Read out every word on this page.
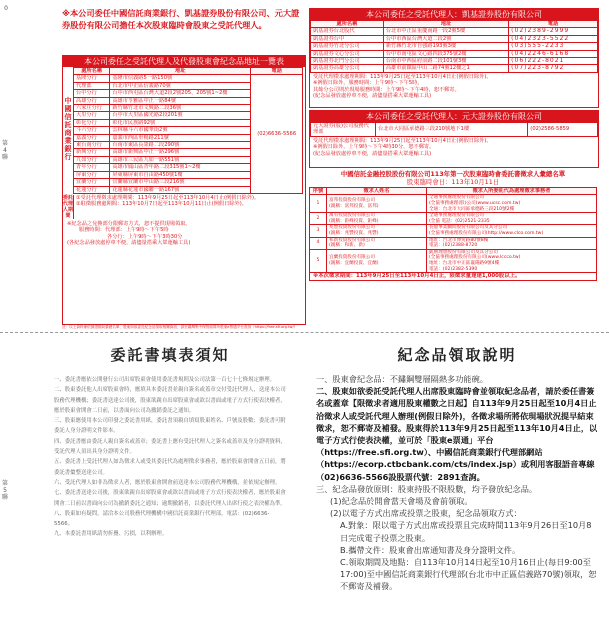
0
第4聯
※本公司委任中國信託商業銀行、凱基證券股份有限公司、元大證券股份有限公司擔任本次股東臨時會股東之受託代理人。
本公司委任之受託代理人及代發股東會紀念品地址一覽表
中國信託商業銀行
處所名稱	地址	電話
基隆分行	基隆市信義路5一路150號	(02)6636-5566
代理部	台北市中正區信義路70號	
台中分行	台中市西屯區台灣大道2段2號205、205號1~2樓	
高雄分行	高雄市苓雅區中正一路84號	
六家庄分行	新竹縣竹北市文興路二段36號	
大里分行	台中市大里區國光路2段201號	
彰化分行	彰化市民族路92號	
斗六分行	雲林縣斗六市國華街2號	
嘉義分行	嘉義市西區垂楊路211號	
東台南分行	台南市東區長榮路二段290號	
新興分行	高雄市新興區中正一路296號	
九如分行	高雄市三民區九如一路551號	
青年分行	高雄市鳳山區青年路二段315號1~2樓	
屏東分行	屏東縣屏東市自由路450號1樓	
宜蘭分行	宜蘭縣宜蘭市中山路三段216號	
花蓮分行	花蓮縣花蓮市國聯一路167號	
委託代理人期間
①受託代理徵求處理期間：113年9月25日起至113年10月4日止(例假日除外)。
②駐徵服務處期間：113年10月7日起至113年10月11日止(例假日除外)。
※紀念品之兌換部分限郵寄方式，恕不提供現場領取。
服務時間：代理部：上午9時～下午5時
各分行：上午9時～下午3時30分
(各紀念品發放處停車不便，請儘量搭乘大眾運輸工具)
本公司委任之受託代理人：凱基證券股份有限公司
處所名稱	地址	電話
凱基證券台北股代	台北市中正區重慶南路一段2號5樓	(02)2389-2999
凱基證券台中	台中市西區台灣大道二段2號	(04)2323-5522
凱基證券竹北分公司	新竹縣竹北市自強路193號3樓	(03)555-2233
凱基證券文心分公司	台中市南屯區文心路四段375號2樓	(04)2246-6168
凱基證券北門分公司	台南市中西區府前路二段101號3樓	(06)222-8021
凱基證券高雄分公司	高雄市前鎮區中山二路74號12樓之1	(07)223-8792
受託代理徵求處理期間：113年9月25日起至113年10月4日止(例假日除外)。
※例假日除外，服務時間：上午9時～下午5時，
其餘分公司則於現場服務時間：上午9時～下午4時，恕不郵寄。
(紀念品發放處停車不便，請儘量搭乘大眾運輸工具)
本公司委任之受託代理人：元大證券股份有限公司
元大證券(股)公司股務代理部	台北市大同區承德路三段210號地下1樓	(02)2586-5859
受託代理徵求處理期間：113年9月25日起至113年10月4日止(例假日除外)。
※例假日除外，上午9時～下午4時30分，恕不郵寄。
(紀念品發放處停車不便，請儘量搭乘大眾運輸工具)
中國信託金融控股股份有限公司113年第一次股東臨時會委託書徵求人彙總名單
股東臨時會日：113年10月11日
序號	徵求人姓名	徵求人所委託代為處理徵求事務者
1	富邦投資股份有限公司
(親稱：富邦投資、富邦)	全通事務處理股份有限公司
(全協事務處理(股)公司(www.ucsc.com.tw)
全通：台北市大同區承德路三段210號2樓
2	萬有投資股份有限公司
(親稱：鉅峰投資、鉅峰)	全通事務處理股份有限公司
(全協 電話：(02)2521-2335
3	兆豐投資股份有限公司
(親稱：兆豐投資、兆豐)	長億事業顧問股份有限公司及其分公司
(全協事務處理股份有限公司(http://www.clco.com.tw)
4	和新投資股份有限公司
(親稱：和新、新)	地址：台北市博愛路80號8樓
電話：(02)2388-8720
5	宜蘭投資股份有限公司
(親稱：宜蘭投資、宜蘭)	凱勝理想股份有限公司及其分公司
(全協事務處理股份有限公司(www.lccco.tw)
地址：台北市中正區襄陽路9號4樓
電話：(02)2382-5390
※本次徵求期間：113年9月25日至113年10月4日止，限徵求量達達1,000股以上。
註：以上資料係依據證期局彙總名單，股東如欲委託紀念品領取相關資訊，請至臺灣集中保管結算所股東e票通平台查詢（https://free.sfi.org.tw/）
第5聯
委託書填表須知

一、委託書應依公開發行公司出席股東會使用委託書規則及公司法第一百七十七條規定辦理。

二、股東委託他人出席股東會時，應填具本委託書並親自簽名或蓋章交付受託代理人，送達本公司股務代理機構；委託書送達公司後，股東欲親自出席股東會或欲以書面或電子方式行使表決權者，應於股東會開會二日前，以書面向公司為撤銷委託之通知。

三、股東應使用本公司印發之委託書用紙，委託書須親自填寫股東姓名、戶號及股數；委託書可附委託人身分證明文件影本。

四、委託書應由委託人親自簽名或蓋章；委託書上應有受託代理人之簽名或蓋章及身分證明資料，受託代理人須出具身分證明文件。

五、委託書上受託代理人如為徵求人或受其委託代為處理徵求事務者，應於股東會開會五日前，將委託書彙整送達公司。

六、受託代理人如非為徵求人者，應於股東會開會前送達本公司股務代理機構，並依規定辦理。

七、委託書送達公司後，股東欲親自出席股東會或欲以書面或電子方式行使表決權者，應於股東會開會二日前以書面向公司為撤銷委託之通知；逾期撤銷者，以委託代理人出席行使之表決權為準。

八、股東如有疑問，請洽本公司股務代理機構中國信託商業銀行代理部，電話：(02)6636-5566。

九、本委託書用紙請勿折疊、污損，以利辦理。

紀念品領取說明

一、股東會紀念品：不鏽鋼雙層隔熱多功能碗。

二、股東如欲委託受託代理人出席股東臨時會並領取紀念品者，請於委任書簽名或蓋章【限徵求者適用股東權數之日起】自113年9月25日起至10月4日止洽徵求人或受託代理人辦理(例假日除外)，各徵求場所將依現場狀況提早結束徵求，恕不郵寄及補發。股東得於113年9月25日起至113年10月4日止，以電子方式行使表決權，並可於「股東e票通」平台（https://free.sfi.org.tw）、中國信託商業銀行代理部網站（https://ecorp.ctbcbank.com/cts/index.jsp）或利用客服語音專線（02)6636-5566設股票代號：2891查詢。

三、紀念品發放原則：股東持股不限股數，均予發放紀念品。

(1)紀念品於開會當天會場及會前領取。

(2)以電子方式出席或投票之股東，紀念品領取方式：

A.對象：限以電子方式出席或投票且完成時間113年9月26日至10月8日完成電子投票之股東。

B.攜帶文件：股東會出席通知書及身分證明文件。

C.領取期間及地點：自113年10月14日起至10月16日止(每日9:00至17:00)至中國信託商業銀行代理部(台北市中正區信義路70號)領取，恕不郵寄及補發。
